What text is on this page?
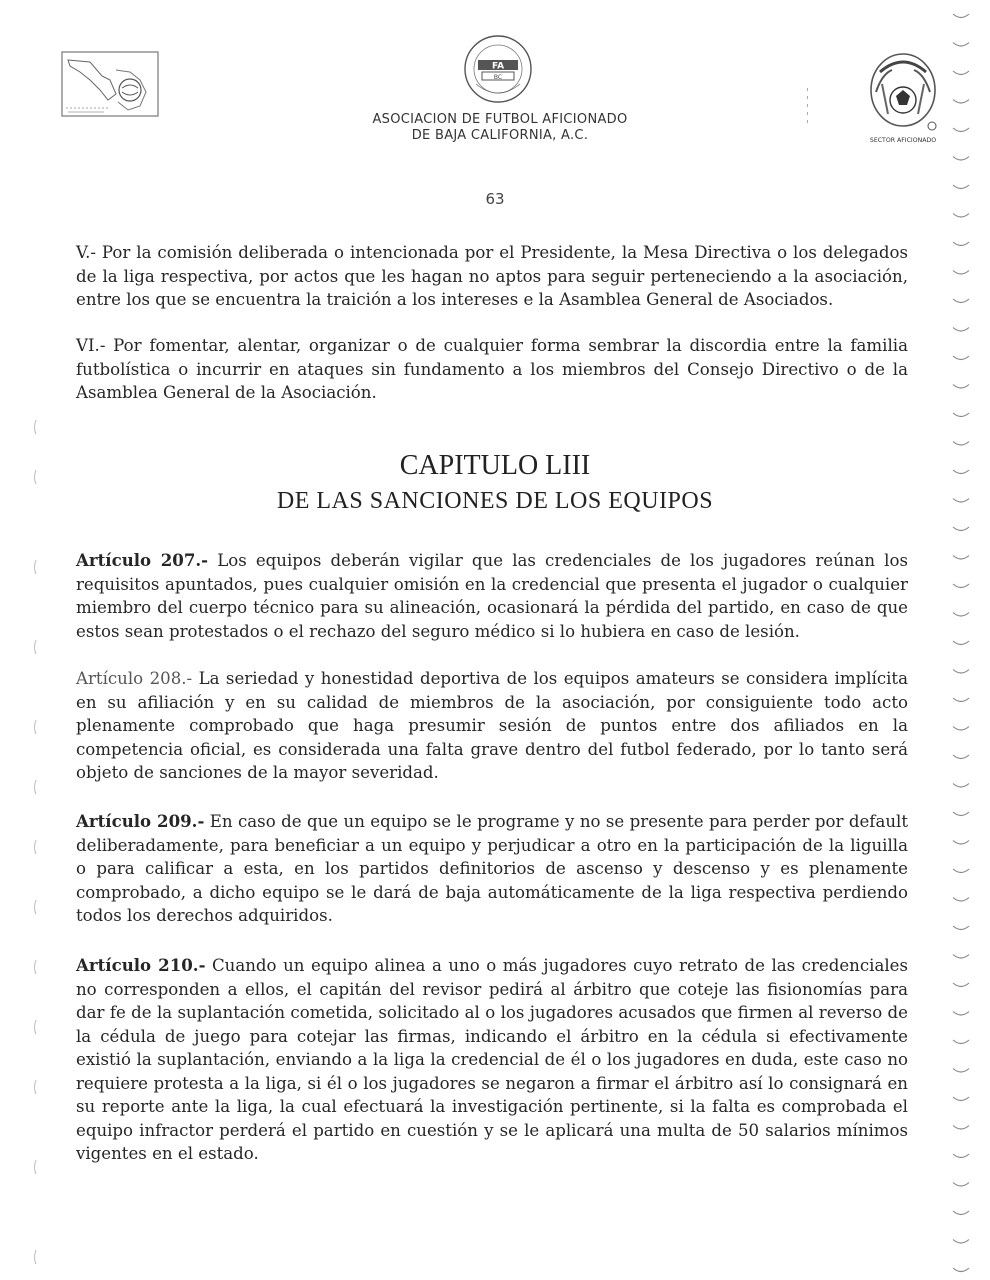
FA
BC
SECTOR AFICIONADO
ASOCIACION DE FUTBOL AFICIONADO
DE BAJA CALIFORNIA, A.C.
63
V.- Por la comisión deliberada o intencionada por el Presidente, la Mesa Directiva o los delegados de la liga respectiva, por actos que les hagan no aptos para seguir perteneciendo a la asociación, entre los que se encuentra la traición a los intereses e la Asamblea General de Asociados.
VI.- Por fomentar, alentar, organizar o de cualquier forma sembrar la discordia entre la familia futbolística o incurrir en ataques sin fundamento a los miembros del Consejo Directivo o de la Asamblea General de la Asociación.
CAPITULO LIII
DE LAS SANCIONES DE LOS EQUIPOS
Artículo 207.- Los equipos deberán vigilar que las credenciales de los jugadores reúnan los requisitos apuntados, pues cualquier omisión en la credencial que presenta el jugador o cualquier miembro del cuerpo técnico para su alineación, ocasionará la pérdida del partido, en caso de que estos sean protestados o el rechazo del seguro médico si lo hubiera en caso de lesión.
Artículo 208.- La seriedad y honestidad deportiva de los equipos amateurs se considera implícita en su afiliación y en su calidad de miembros de la asociación, por consiguiente todo acto plenamente comprobado que haga presumir sesión de puntos entre dos afiliados en la competencia oficial, es considerada una falta grave dentro del futbol federado, por lo tanto será objeto de sanciones de la mayor severidad.
Artículo 209.- En caso de que un equipo se le programe y no se presente para perder por default deliberadamente, para beneficiar a un equipo y perjudicar a otro en la participación de la liguilla o para calificar a esta, en los partidos definitorios de ascenso y descenso y es plenamente comprobado, a dicho equipo se le dará de baja automáticamente de la liga respectiva perdiendo todos los derechos adquiridos.
Artículo 210.- Cuando un equipo alinea a uno o más jugadores cuyo retrato de las credenciales no corresponden a ellos, el capitán del revisor pedirá al árbitro que coteje las fisionomías para dar fe de la suplantación cometida, solicitado al o los jugadores acusados que firmen al reverso de la cédula de juego para cotejar las firmas, indicando el árbitro en la cédula si efectivamente existió la suplantación, enviando a la liga la credencial de él o los jugadores en duda, este caso no requiere protesta a la liga, si él o los jugadores se negaron a firmar el árbitro así lo consignará en su reporte ante la liga, la cual efectuará la investigación pertinente, si la falta es comprobada el equipo infractor perderá el partido en cuestión y se le aplicará una multa de 50 salarios mínimos vigentes en el estado.
